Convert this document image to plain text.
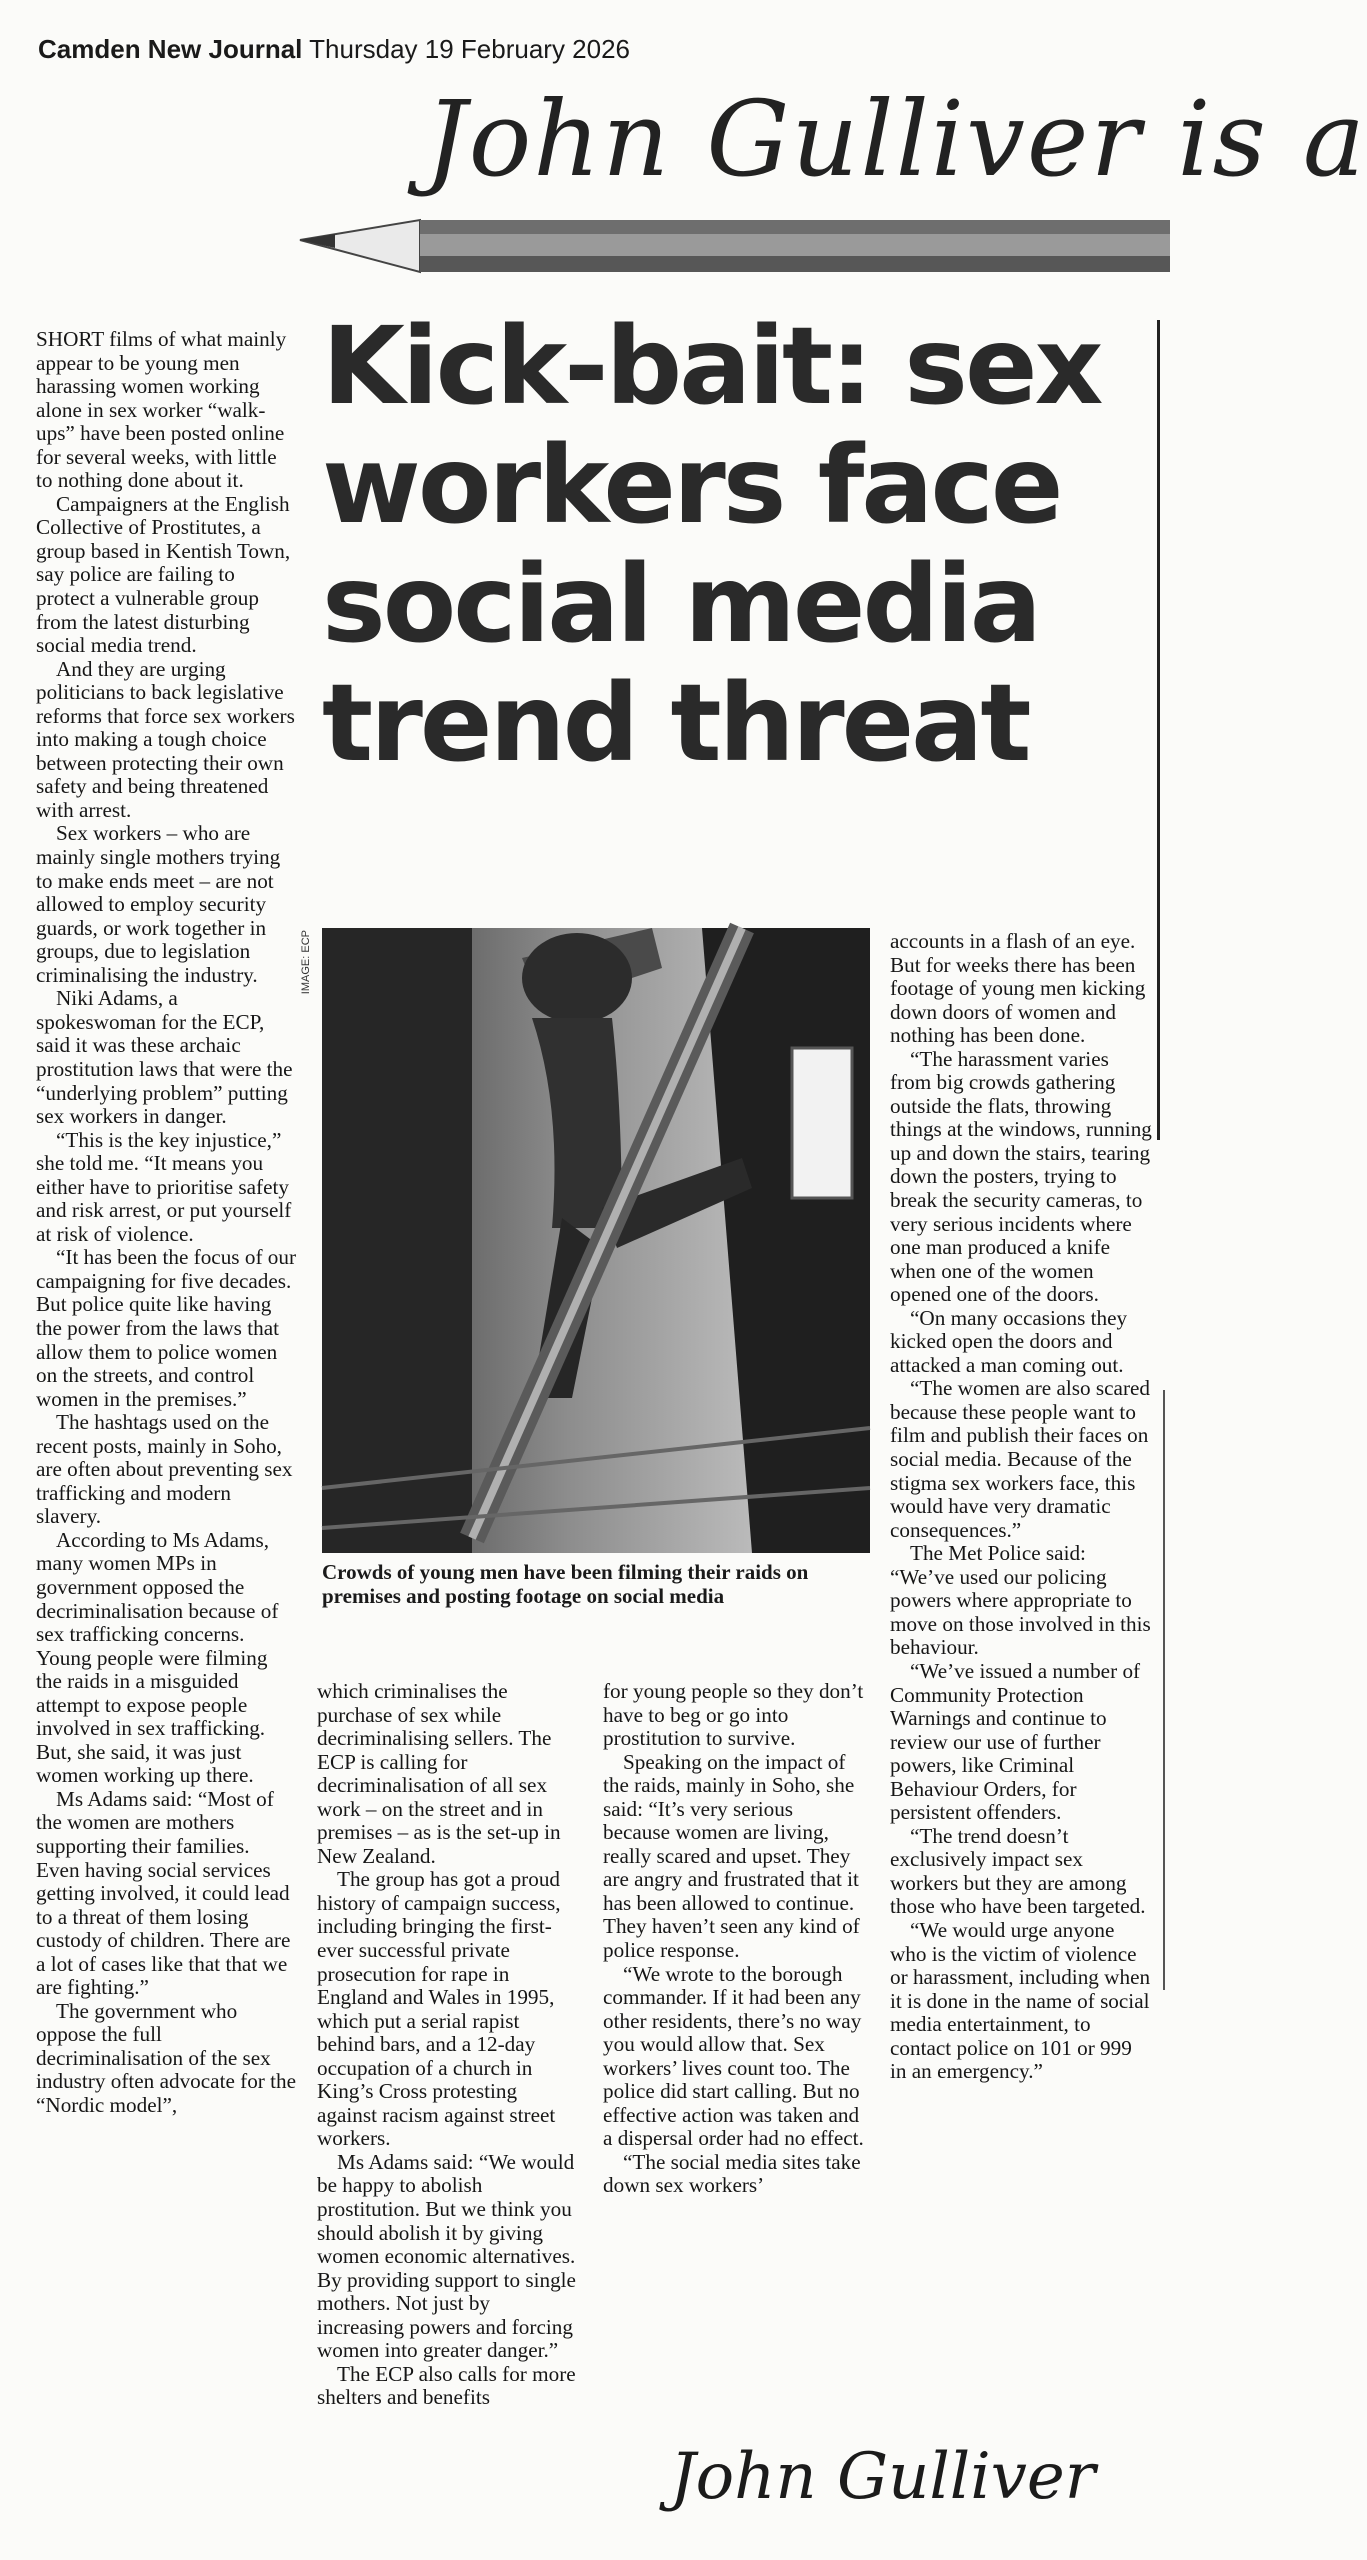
Camden New Journal Thursday 19 February 2026
John Gulliver is a
Kick-bait: sex workers face social media trend threat
IMAGE: ECP
Crowds of young men have been filming their raids on premises and posting footage on social media

SHORT films of what mainly appear to be young men harassing women working alone in sex worker “walk-ups” have been posted online for several weeks, with little to nothing done about it.

Campaigners at the English Collective of Prostitutes, a group based in Kentish Town, say police are failing to protect a vulnerable group from the latest disturbing social media trend.

And they are urging politicians to back legislative reforms that force sex workers into making a tough choice between protecting their own safety and being threatened with arrest.

Sex workers – who are mainly single mothers trying to make ends meet – are not allowed to employ security guards, or work together in groups, due to legislation criminalising the industry.

Niki Adams, a spokeswoman for the ECP, said it was these archaic prostitution laws that were the “underlying problem” putting sex workers in danger.

“This is the key injustice,” she told me. “It means you either have to prioritise safety and risk arrest, or put yourself at risk of violence.

“It has been the focus of our campaigning for five decades. But police quite like having the power from the laws that allow them to police women on the streets, and control women in the premises.”

The hashtags used on the recent posts, mainly in Soho, are often about preventing sex trafficking and modern slavery.

According to Ms Adams, many women MPs in government opposed the decriminalisation because of sex trafficking concerns. Young people were filming the raids in a misguided attempt to expose people involved in sex trafficking. But, she said, it was just women working up there.

Ms Adams said: “Most of the women are mothers supporting their families. Even having social services getting involved, it could lead to a threat of them losing custody of children. There are a lot of cases like that that we are fighting.”

The government who oppose the full decriminalisation of the sex industry often advocate for the “Nordic model”,

which criminalises the purchase of sex while decriminalising sellers. The ECP is calling for decriminalisation of all sex work – on the street and in premises – as is the set-up in New Zealand.

The group has got a proud history of campaign success, including bringing the first-ever successful private prosecution for rape in England and Wales in 1995, which put a serial rapist behind bars, and a 12-day occupation of a church in King’s Cross protesting against racism against street workers.

Ms Adams said: “We would be happy to abolish prostitution. But we think you should abolish it by giving women economic alternatives. By providing support to single mothers. Not just by increasing powers and forcing women into greater danger.”

The ECP also calls for more shelters and benefits

for young people so they don’t have to beg or go into prostitution to survive.

Speaking on the impact of the raids, mainly in Soho, she said: “It’s very serious because women are living, really scared and upset. They are angry and frustrated that it has been allowed to continue. They haven’t seen any kind of police response.

“We wrote to the borough commander. If it had been any other residents, there’s no way you would allow that. Sex workers’ lives count too. The police did start calling. But no effective action was taken and a dispersal order had no effect.

“The social media sites take down sex workers’

accounts in a flash of an eye. But for weeks there has been footage of young men kicking down doors of women and nothing has been done.

“The harassment varies from big crowds gathering outside the flats, throwing things at the windows, running up and down the stairs, tearing down the posters, trying to break the security cameras, to very serious incidents where one man produced a knife when one of the women opened one of the doors.

“On many occasions they kicked open the doors and attacked a man coming out.

“The women are also scared because these people want to film and publish their faces on social media. Because of the stigma sex workers face, this would have very dramatic consequences.”

The Met Police said: “We’ve used our policing powers where appropriate to move on those involved in this behaviour.

“We’ve issued a number of Community Protection Warnings and continue to review our use of further powers, like Criminal Behaviour Orders, for persistent offenders.

“The trend doesn’t exclusively impact sex workers but they are among those who have been targeted.

“We would urge anyone who is the victim of violence or harassment, including when it is done in the name of social media entertainment, to contact police on 101 or 999 in an emergency.”

John Gulliver
